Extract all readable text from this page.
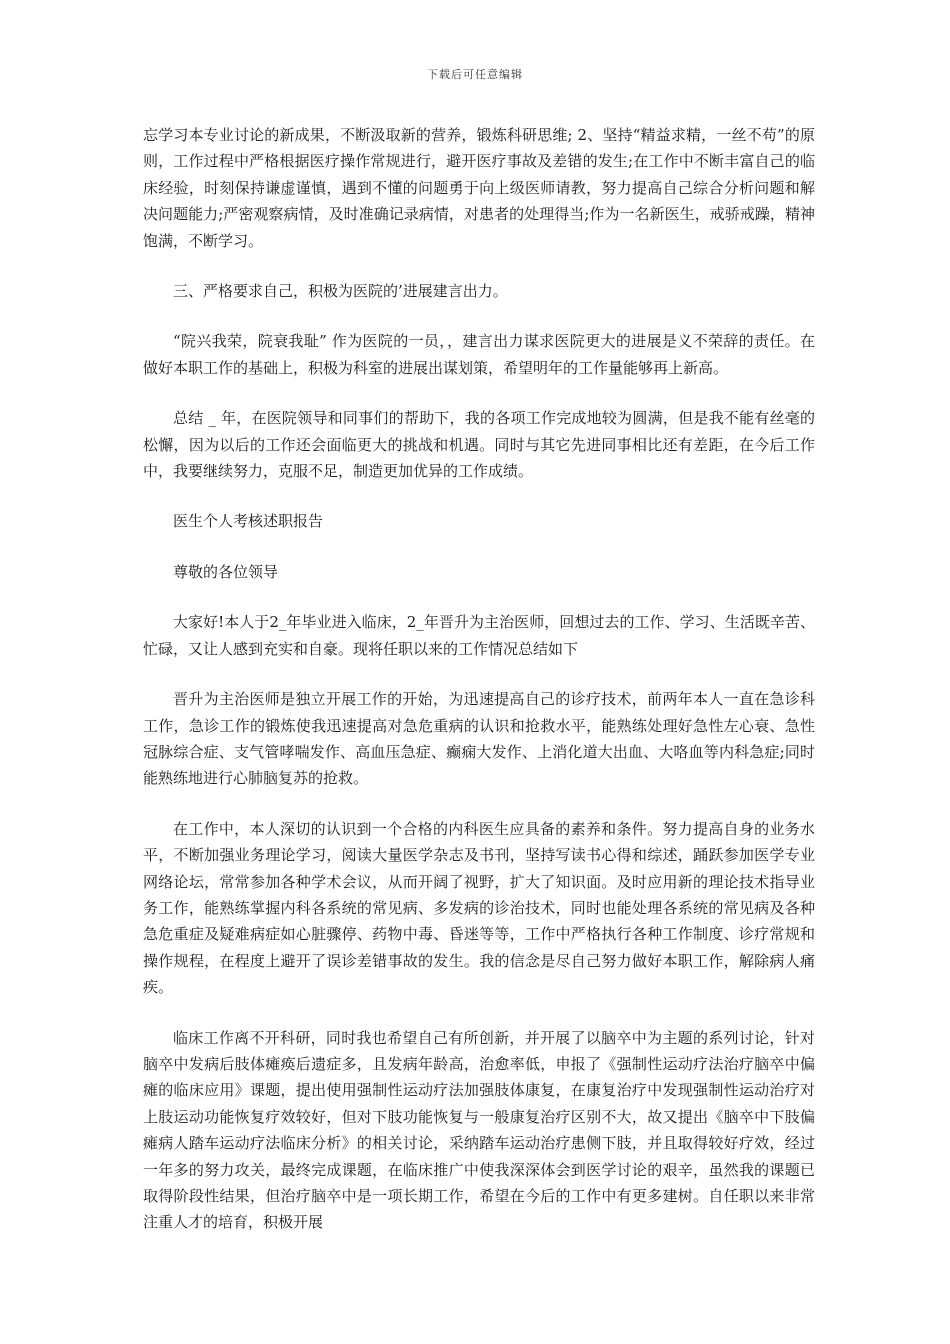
下载后可任意编辑

忘学习本专业讨论的新成果，不断汲取新的营养，锻炼科研思维; 2、坚持“精益求精，一丝不苟”的原则，工作过程中严格根据医疗操作常规进行，避开医疗事故及差错的发生;在工作中不断丰富自己的临床经验，时刻保持谦虚谨慎，遇到不懂的问题勇于向上级医师请教，努力提高自己综合分析问题和解决问题能力;严密观察病情，及时准确记录病情，对患者的处理得当;作为一名新医生，戒骄戒躁，精神饱满，不断学习。

三、严格要求自己，积极为医院的’进展建言出力。

“院兴我荣，院衰我耻” 作为医院的一员，，建言出力谋求医院更大的进展是义不荣辞的责任。在做好本职工作的基础上，积极为科室的进展出谋划策，希望明年的工作量能够再上新高。

总结 _ 年，在医院领导和同事们的帮助下，我的各项工作完成地较为圆满，但是我不能有丝毫的松懈，因为以后的工作还会面临更大的挑战和机遇。同时与其它先进同事相比还有差距，在今后工作中，我要继续努力，克服不足，制造更加优异的工作成绩。

医生个人考核述职报告

尊敬的各位领导

大家好!本人于2_年毕业进入临床，2_年晋升为主治医师，回想过去的工作、学习、生活既辛苦、忙碌，又让人感到充实和自豪。现将任职以来的工作情况总结如下

晋升为主治医师是独立开展工作的开始，为迅速提高自己的诊疗技术，前两年本人一直在急诊科工作，急诊工作的锻炼使我迅速提高对急危重病的认识和抢救水平，能熟练处理好急性左心衰、急性冠脉综合症、支气管哮喘发作、高血压急症、癫痫大发作、上消化道大出血、大咯血等内科急症;同时能熟练地进行心肺脑复苏的抢救。

在工作中，本人深切的认识到一个合格的内科医生应具备的素养和条件。努力提高自身的业务水平，不断加强业务理论学习，阅读大量医学杂志及书刊，坚持写读书心得和综述，踊跃参加医学专业网络论坛，常常参加各种学术会议，从而开阔了视野，扩大了知识面。及时应用新的理论技术指导业务工作，能熟练掌握内科各系统的常见病、多发病的诊治技术，同时也能处理各系统的常见病及各种急危重症及疑难病症如心脏骤停、药物中毒、昏迷等等，工作中严格执行各种工作制度、诊疗常规和操作规程，在程度上避开了误诊差错事故的发生。我的信念是尽自己努力做好本职工作，解除病人痛疾。

临床工作离不开科研，同时我也希望自己有所创新，并开展了以脑卒中为主题的系列讨论，针对脑卒中发病后肢体瘫痪后遗症多，且发病年龄高，治愈率低，申报了《强制性运动疗法治疗脑卒中偏瘫的临床应用》课题，提出使用强制性运动疗法加强肢体康复，在康复治疗中发现强制性运动治疗对上肢运动功能恢复疗效较好，但对下肢功能恢复与一般康复治疗区别不大，故又提出《脑卒中下肢偏瘫病人踏车运动疗法临床分析》的相关讨论，采纳踏车运动治疗患侧下肢，并且取得较好疗效，经过一年多的努力攻关，最终完成课题，在临床推广中使我深深体会到医学讨论的艰辛，虽然我的课题已取得阶段性结果，但治疗脑卒中是一项长期工作，希望在今后的工作中有更多建树。自任职以来非常注重人才的培育，积极开展
